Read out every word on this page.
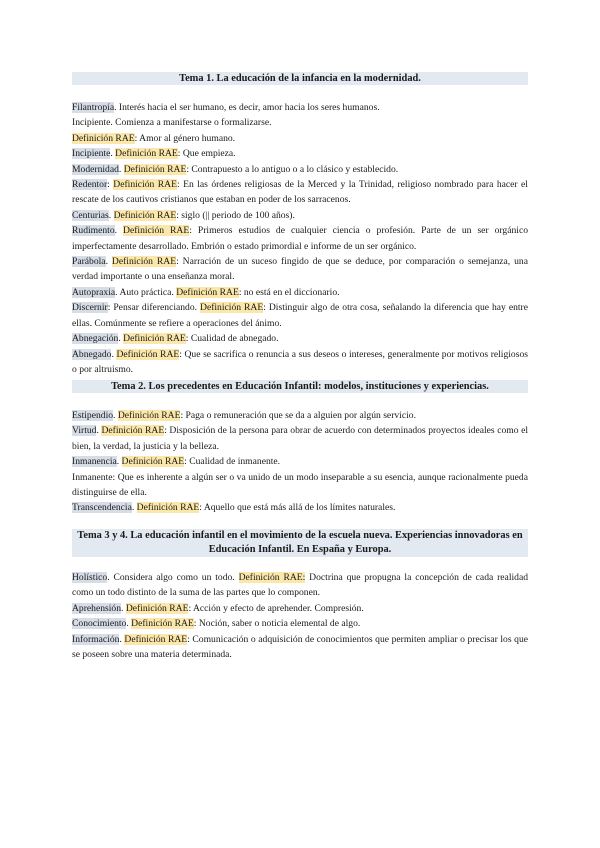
Tema 1. La educación de la infancia en la modernidad.

Filantropía. Interés hacia el ser humano, es decir, amor hacia los seres humanos.

Incipiente. Comienza a manifestarse o formalizarse.

Definición RAE: Amor al género humano.

Incipiente. Definición RAE: Que empieza.

Modernidad. Definición RAE: Contrapuesto a lo antiguo o a lo clásico y establecido.

Redentor: Definición RAE: En las órdenes religiosas de la Merced y la Trinidad, religioso nombrado para hacer el rescate de los cautivos cristianos que estaban en poder de los sarracenos.

Centurias. Definición RAE: siglo (|| periodo de 100 años).

Rudimento. Definición RAE: Primeros estudios de cualquier ciencia o profesión. Parte de un ser orgánico imperfectamente desarrollado. Embrión o estado primordial e informe de un ser orgánico.

Parábola. Definición RAE: Narración de un suceso fingido de que se deduce, por comparación o semejanza, una verdad importante o una enseñanza moral.

Autopraxia. Auto práctica. Definición RAE: no está en el diccionario.

Discernir: Pensar diferenciando. Definición RAE: Distinguir algo de otra cosa, señalando la diferencia que hay entre ellas. Comúnmente se refiere a operaciones del ánimo.

Abnegación. Definición RAE: Cualidad de abnegado.

Abnegado. Definición RAE: Que se sacrifica o renuncia a sus deseos o intereses, generalmente por motivos religiosos o por altruismo.

Tema 2. Los precedentes en Educación Infantil: modelos, instituciones y experiencias.

Estipendio. Definición RAE: Paga o remuneración que se da a alguien por algún servicio.

Virtud. Definición RAE: Disposición de la persona para obrar de acuerdo con determinados proyectos ideales como el bien, la verdad, la justicia y la belleza.

Inmanencia. Definición RAE: Cualidad de inmanente.

Inmanente: Que es inherente a algún ser o va unido de un modo inseparable a su esencia, aunque racionalmente pueda distinguirse de ella.

Transcendencia. Definición RAE: Aquello que está más allá de los límites naturales.

Tema 3 y 4. La educación infantil en el movimiento de la escuela nueva. Experiencias innovadoras en Educación Infantil. En España y Europa.

Holístico. Considera algo como un todo. Definición RAE: Doctrina que propugna la concepción de cada realidad como un todo distinto de la suma de las partes que lo componen.

Aprehensión. Definición RAE: Acción y efecto de aprehender. Compresión.

Conocimiento. Definición RAE: Noción, saber o noticia elemental de algo.

Información. Definición RAE: Comunicación o adquisición de conocimientos que permiten ampliar o precisar los que se poseen sobre una materia determinada.
